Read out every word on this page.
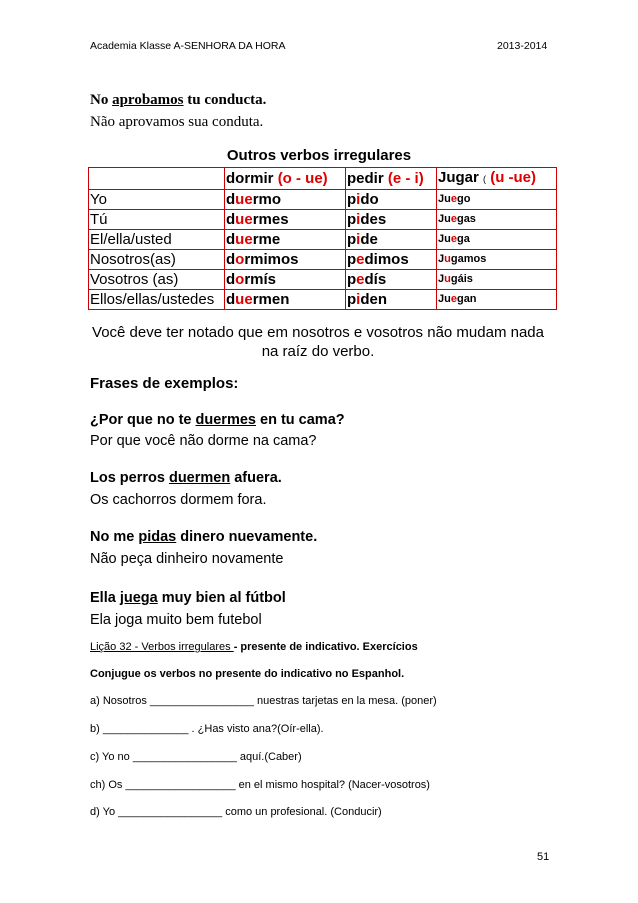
Academia Klasse A-SENHORA DA HORA	2013-2014
No aprobamos tu conducta.
Não aprovamos sua conduta.
Outros verbos irregulares
	dormir (o - ue)	pedir (e - i)	Jugar ( (u -ue)
Yo	duermo	pido	Juego
Tú	duermes	pides	Juegas
El/ella/usted	duerme	pide	Juega
Nosotros(as)	dormimos	pedimos	Jugamos
Vosotros (as)	dormís	pedís	Jugáis
Ellos/ellas/ustedes	duermen	piden	Juegan
Você deve ter notado que em nosotros e vosotros não mudam nada na raíz do verbo.
Frases de exemplos:
¿Por que no te duermes en tu cama?
Por que você não dorme na cama?
Los perros duermen afuera.
Os cachorros dormem fora.
No me pidas dinero nuevamente.
Não peça dinheiro novamente
Ella juega muy bien al fútbol
Ela joga muito bem futebol
Lição 32 - Verbos irregulares - presente de indicativo. Exercícios
Conjugue os verbos no presente do indicativo no Espanhol.
a) Nosotros _________________ nuestras tarjetas en la mesa. (poner)
b) ______________ . ¿Has visto ana?(Oír-ella).
c) Yo no _________________ aquí.(Caber)
ch) Os __________________ en el mismo hospital? (Nacer-vosotros)
d) Yo _________________ como un profesional. (Conducir)
51
